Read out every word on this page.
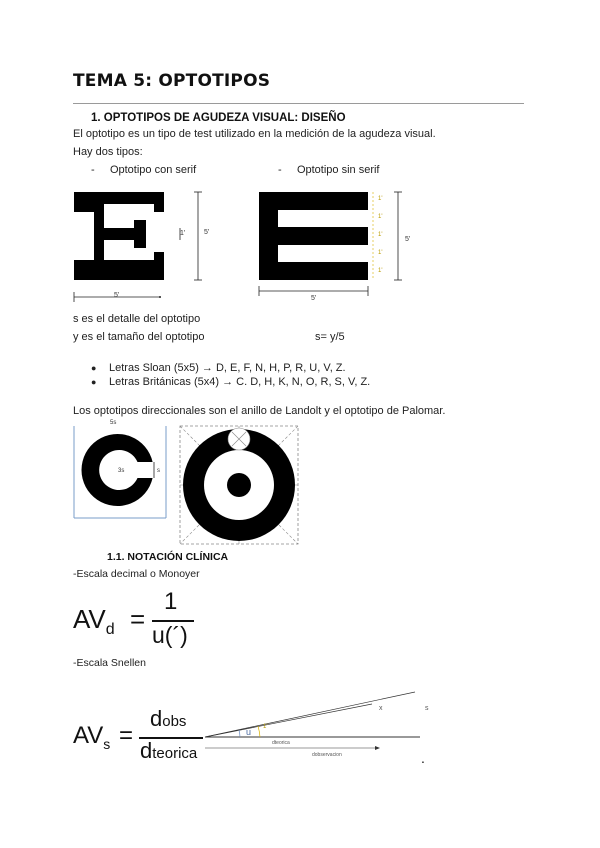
TEMA 5: OPTOTIPOS
1. OPTOTIPOS DE AGUDEZA VISUAL: DISEÑO
El optotipo es un tipo de test utilizado en la medición de la agudeza visual.
Hay dos tipos:
-     Optotipo con serif	-     Optotipo sin serif
1'	5'
5'
1'
1'
1'
1'
1'
5'
5'
s es el detalle del optotipo
y es el tamaño del optotipo	s= y/5
● Letras Sloan (5x5) → D, E, F, N, H, P, R, U, V, Z.
● Letras Británicas (5x4) → C. D, H, K, N, O, R, S, V, Z.
Los optotipos direccionales son el anillo de Landolt y el optotipo de Palomar.
5s
3s	s
1.1. NOTACIÓN CLÍNICA
-Escala decimal o Monoyer
$AV_d$ =
1
u(´)
-Escala Snellen
$AV_s$ =
dobs
dteorica
u 1'
dteorica
dobservacion
x	s
.
